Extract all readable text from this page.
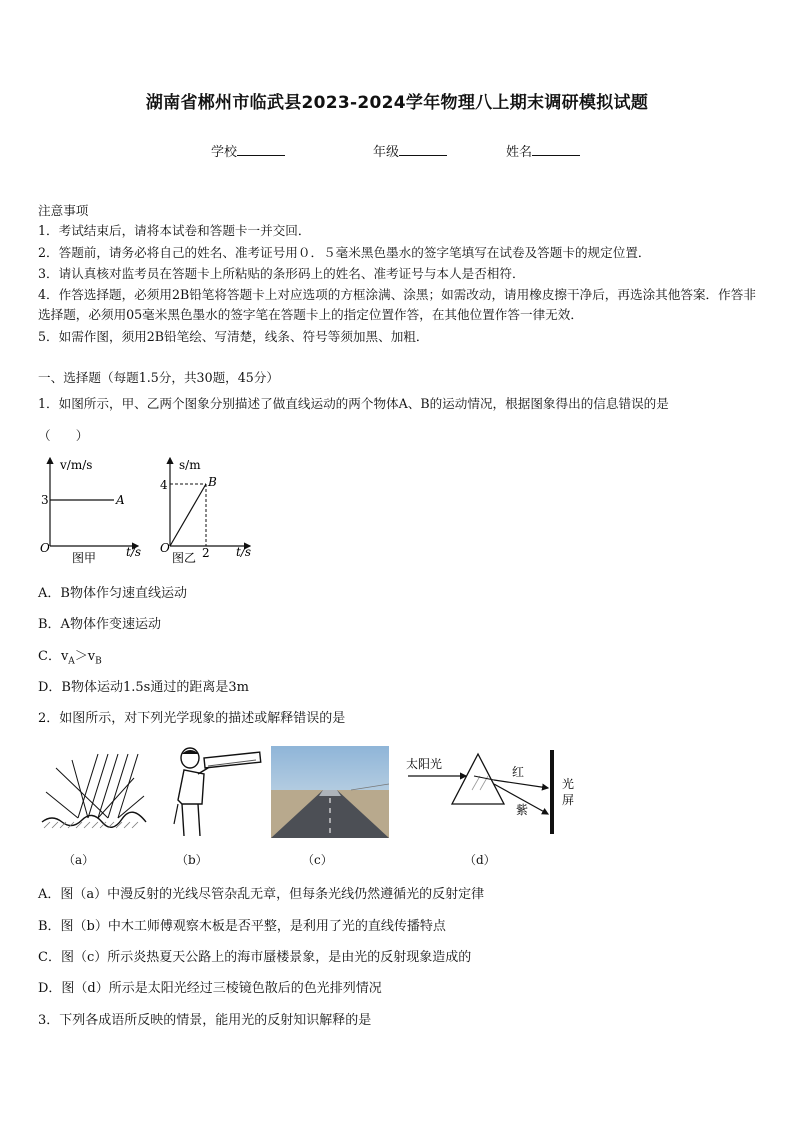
湖南省郴州市临武县2023-2024学年物理八上期末调研模拟试题
学校	年级	姓名
注意事项
1．考试结束后，请将本试卷和答题卡一并交回．
2．答题前，请务必将自己的姓名、准考证号用０．５毫米黑色墨水的签字笔填写在试卷及答题卡的规定位置．
3．请认真核对监考员在答题卡上所粘贴的条形码上的姓名、准考证号与本人是否相符．
4．作答选择题，必须用2B铅笔将答题卡上对应选项的方框涂满、涂黑；如需改动，请用橡皮擦干净后，再选涂其他答案．作答非选择题，必须用05毫米黑色墨水的签字笔在答题卡上的指定位置作答，在其他位置作答一律无效．
5．如需作图，须用2B铅笔绘、写清楚，线条、符号等须加黑、加粗．
一、选择题（每题1.5分，共30题，45分）
1．如图所示，甲、乙两个图象分别描述了做直线运动的两个物体A、B的运动情况，根据图象得出的信息错误的是
（　　）
v/m/s
3	A
O	t/s
图甲
s/m
4	B
O	2 t/s
图乙
A．B物体作匀速直线运动
B．A物体作变速运动
C．$v_A>v_B$
D．B物体运动1.5s通过的距离是3m
2．如图所示，对下列光学现象的描述或解释错误的是
太阳光
红
紫
光
屏
（a）	（b）	（c）	（d）
A．图（a）中漫反射的光线尽管杂乱无章，但每条光线仍然遵循光的反射定律
B．图（b）中木工师傅观察木板是否平整，是利用了光的直线传播特点
C．图（c）所示炎热夏天公路上的海市蜃楼景象，是由光的反射现象造成的
D．图（d）所示是太阳光经过三棱镜色散后的色光排列情况
3．下列各成语所反映的情景，能用光的反射知识解释的是
